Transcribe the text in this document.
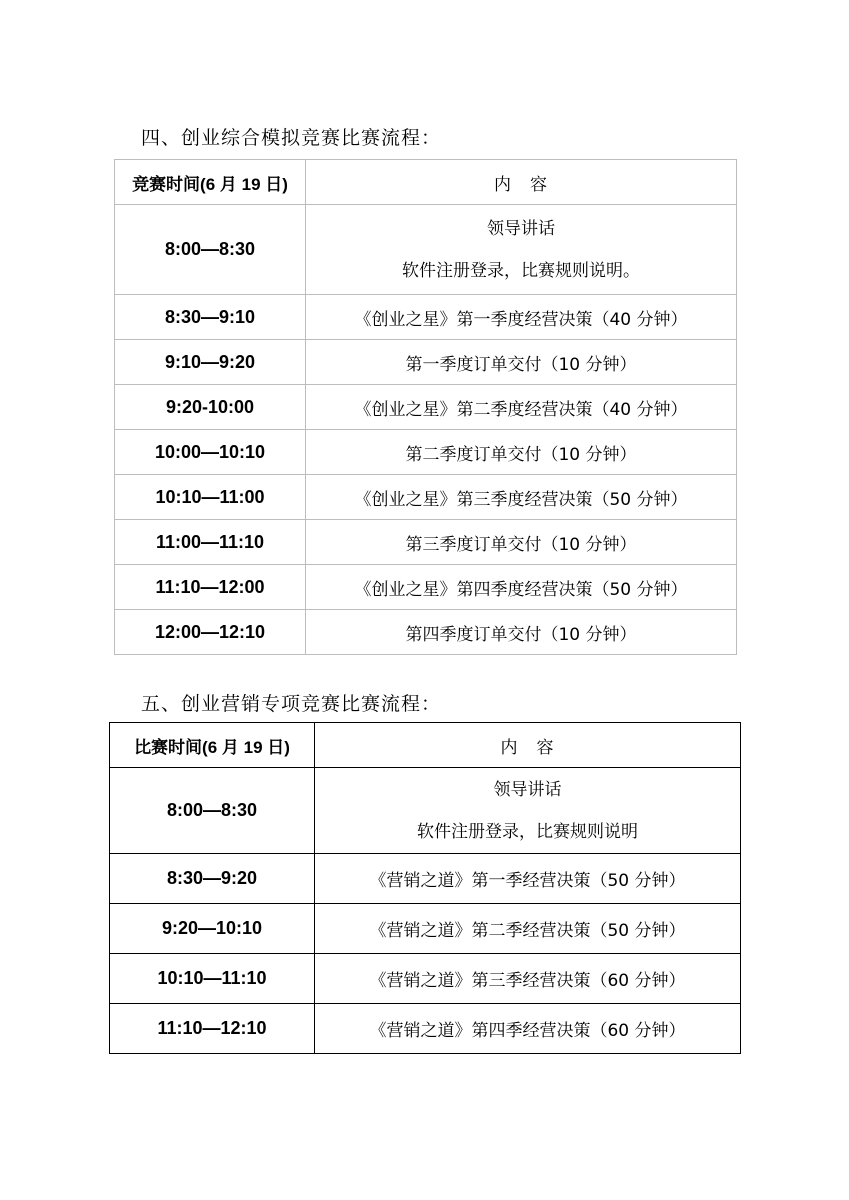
四、创业综合模拟竞赛比赛流程：
竞赛时间(6 月 19 日)	内　容
8:00—8:30	领导讲话
软件注册登录，比赛规则说明。

8:30—9:10	《创业之星》第一季度经营决策（40 分钟）
9:10—9:20	第一季度订单交付（10 分钟）
9:20-10:00	《创业之星》第二季度经营决策（40 分钟）
10:00—10:10	第二季度订单交付（10 分钟）
10:10—11:00	《创业之星》第三季度经营决策（50 分钟）
11:00—11:10	第三季度订单交付（10 分钟）
11:10—12:00	《创业之星》第四季度经营决策（50 分钟）
12:00—12:10	第四季度订单交付（10 分钟）
五、创业营销专项竞赛比赛流程：
比赛时间(6 月 19 日)	内　容
8:00—8:30	领导讲话
软件注册登录，比赛规则说明

8:30—9:20	《营销之道》第一季经营决策（50 分钟）
9:20—10:10	《营销之道》第二季经营决策（50 分钟）
10:10—11:10	《营销之道》第三季经营决策（60 分钟）
11:10—12:10	《营销之道》第四季经营决策（60 分钟）
